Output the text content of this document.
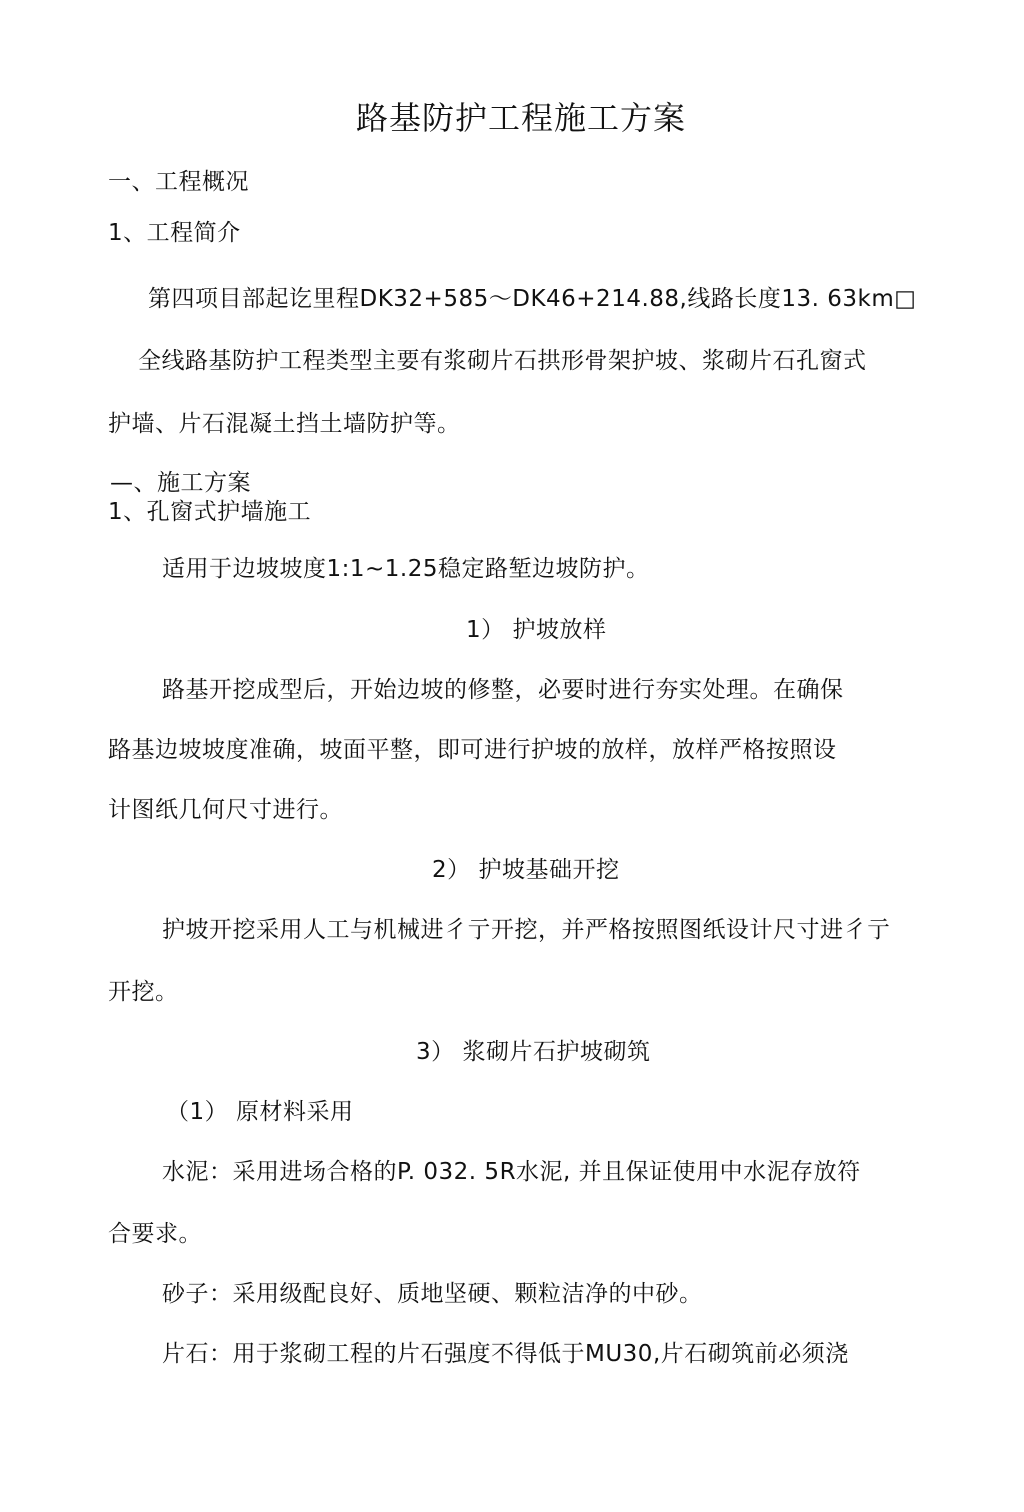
路基防护工程施工方案
一、工程概况
1、工程简介
第四项目部起讫里程DK32+585～DK46+214.88,线路长度13. 63km□
全线路基防护工程类型主要有浆砌片石拱形骨架护坡、浆砌片石孔窗式
护墙、片石混凝土挡土墙防护等。
—、施工方案
1、孔窗式护墙施工
适用于边坡坡度1:1~1.25稳定路堑边坡防护。
1） 护坡放样
路基开挖成型后，开始边坡的修整，必要时进行夯实处理。在确保
路基边坡坡度准确，坡面平整，即可进行护坡的放样，放样严格按照设
计图纸几何尺寸进行。
2） 护坡基础开挖
护坡开挖采用人工与机械进彳亍开挖，并严格按照图纸设计尺寸进彳亍
开挖。
3） 浆砌片石护坡砌筑
（1） 原材料采用
水泥：采用进场合格的P. 032. 5R水泥, 并且保证使用中水泥存放符
合要求。
砂子：采用级配良好、质地坚硬、颗粒洁净的中砂。
片石：用于浆砌工程的片石强度不得低于MU30,片石砌筑前必须浇
